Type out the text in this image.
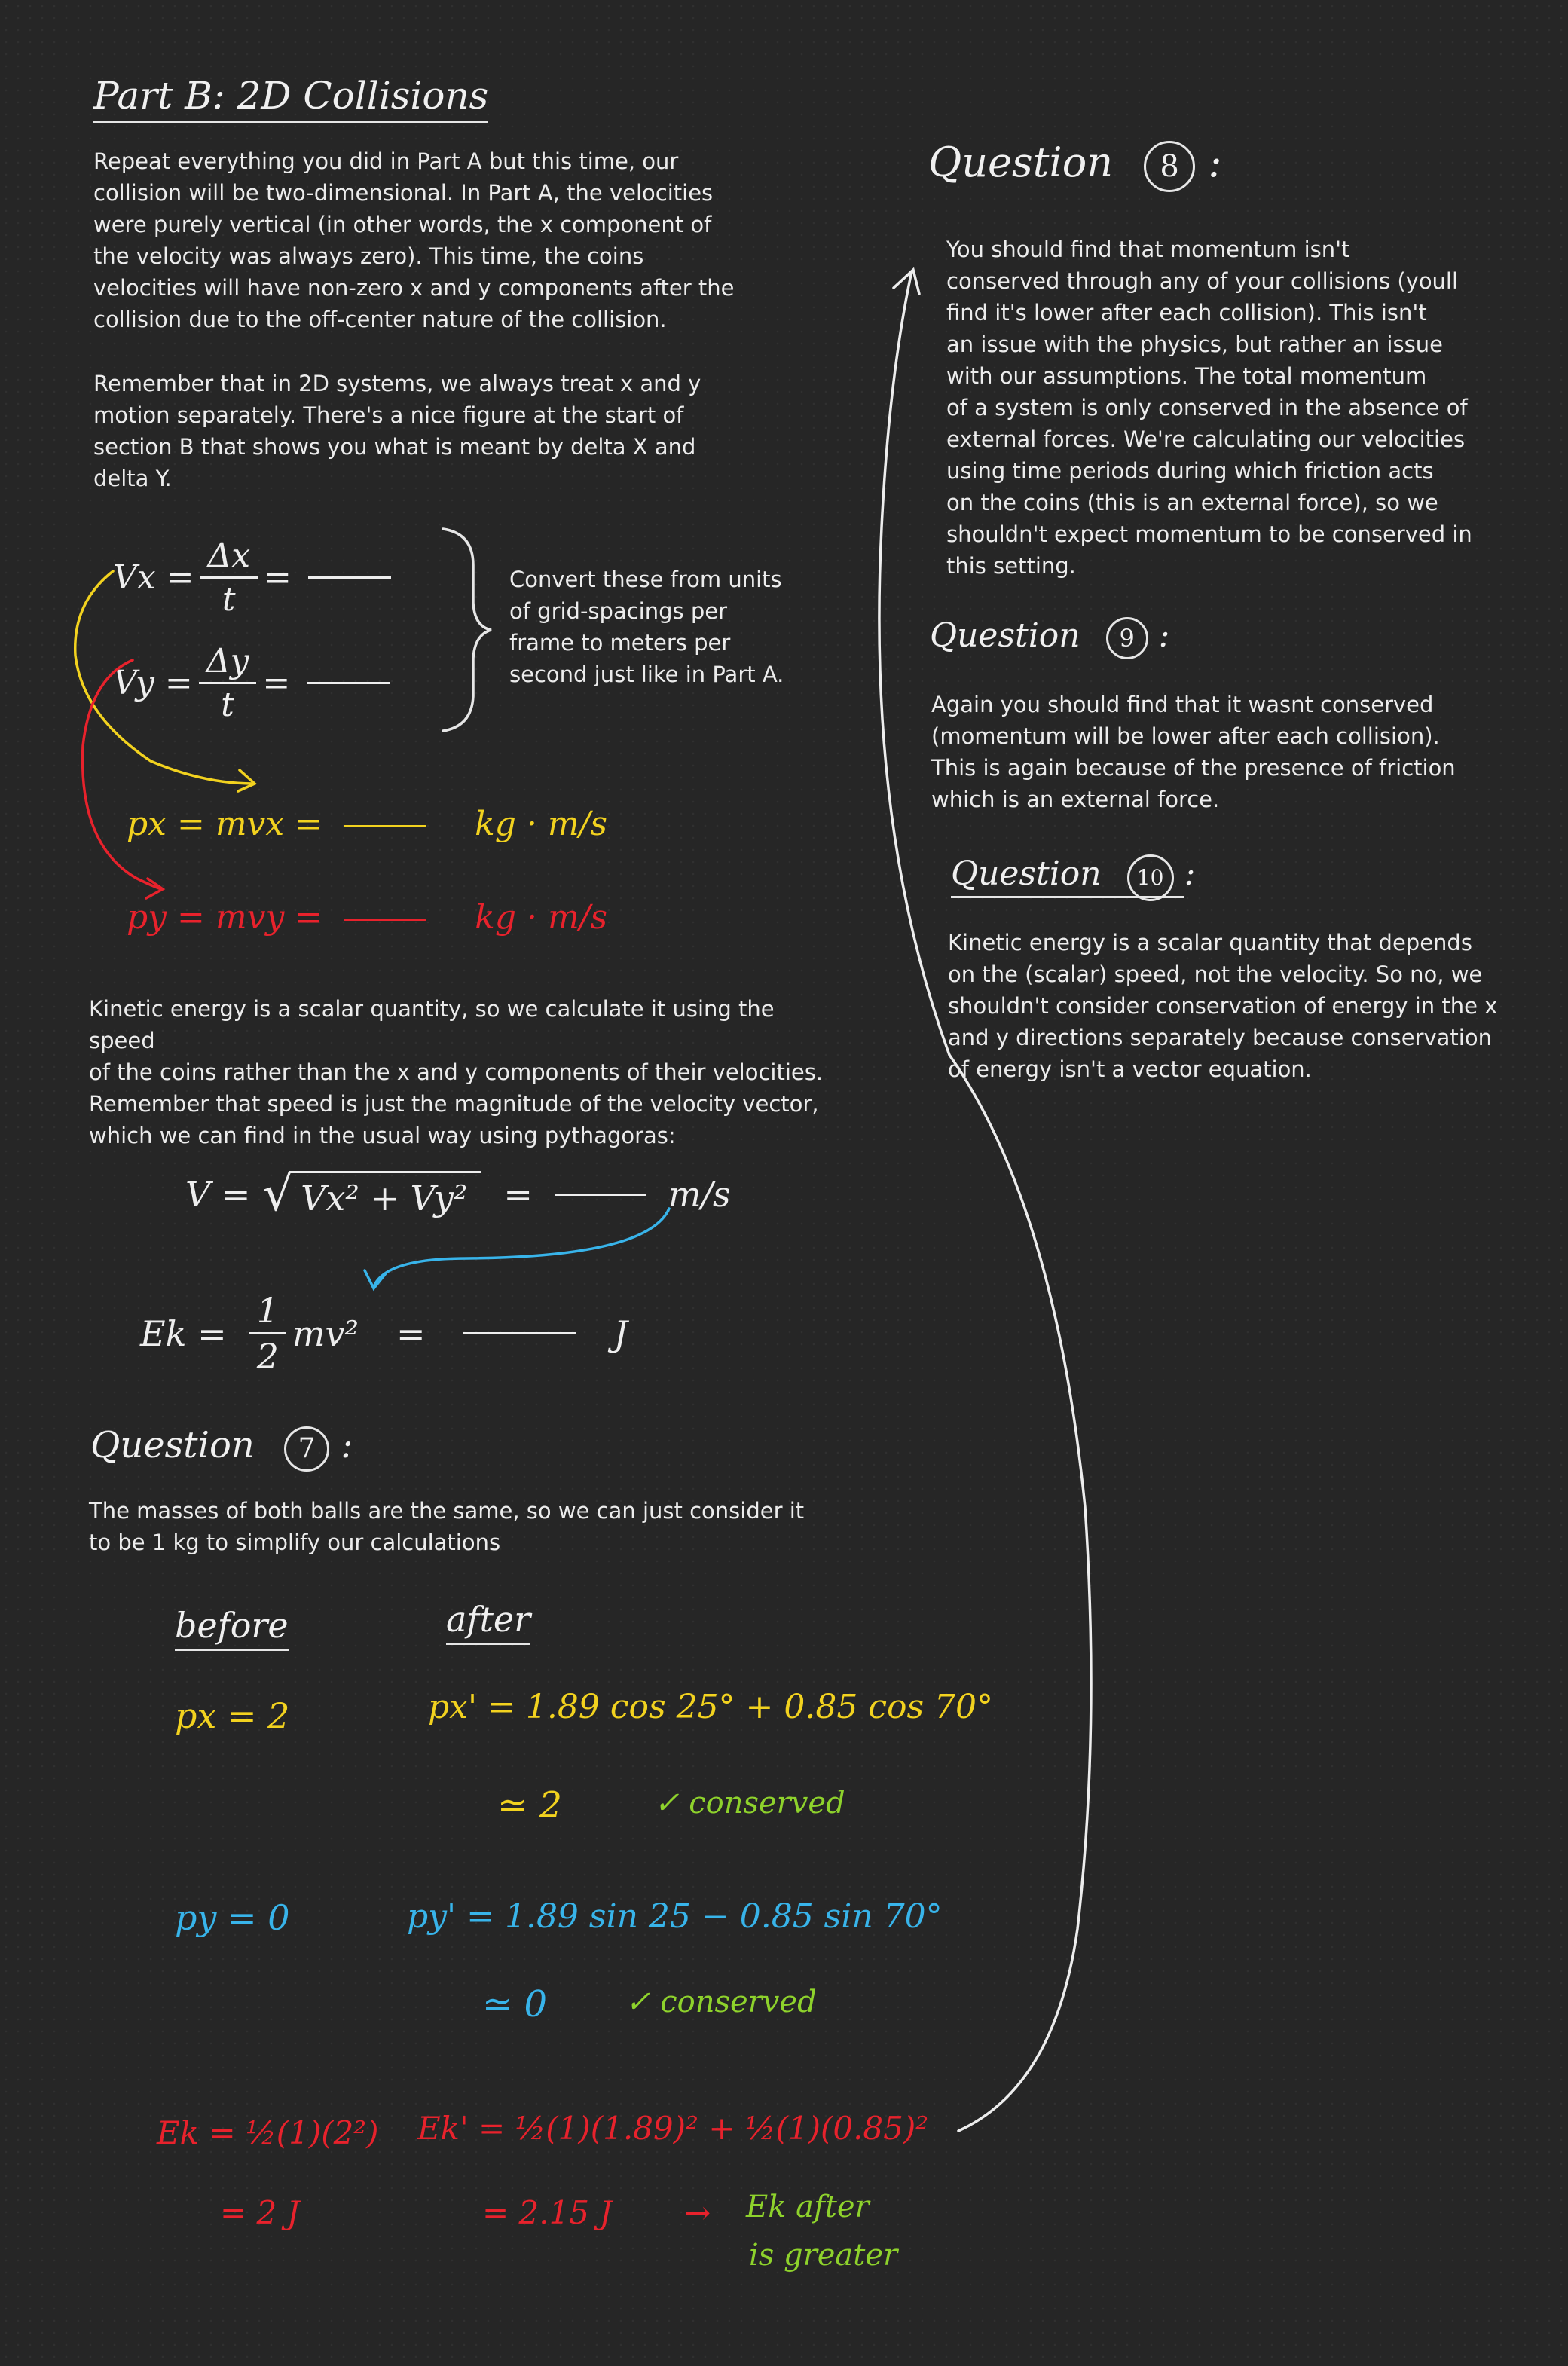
Part B: 2D Collisions
Repeat everything you did in Part A but this time, our
collision will be two-dimensional. In Part A, the velocities
were purely vertical (in other words, the x component of
the velocity was always zero). This time, the coins
velocities will have non-zero x and y components after the
collision due to the off-center nature of the collision.
Remember that in 2D systems, we always treat x and y
motion separately. There's a nice figure at the start of
section B that shows you what is meant by delta X and
delta Y.
$Vx = \frac{\Delta x}{t}$ =
$Vy = \frac{\Delta y}{t}$ =
Convert these from units
of grid-spacings per
frame to meters per
second just like in Part A.
px = mvx =	kg · m/s
py = mvy =	kg · m/s
Kinetic energy is a scalar quantity, so we calculate it using the speed
of the coins rather than the x and y components of their velocities.
Remember that speed is just the magnitude of the velocity vector,
which we can find in the usual way using pythagoras:
V = √ Vx² + Vy²	=	m/s
$Ek = \frac{1}{2} mv^2$ =	J
Question 7 :
The masses of both balls are the same, so we can just consider it
to be 1 kg to simplify our calculations
before	after
px = 2	px' = 1.89 cos 25° + 0.85 cos 70°
≃ 2	✓ conserved
py = 0	py' = 1.89 sin 25 − 0.85 sin 70°
≃ 0	✓ conserved
Ek = ½(1)(2²)
= 2 J
Ek' = ½(1)(1.89)² + ½(1)(0.85)²
= 2.15 J → Ek after
is greater
Question 8 :
You should find that momentum isn't
conserved through any of your collisions (youll
find it's lower after each collision). This isn't
an issue with the physics, but rather an issue
with our assumptions. The total momentum
of a system is only conserved in the absence of
external forces. We're calculating our velocities
using time periods during which friction acts
on the coins (this is an external force), so we
shouldn't expect momentum to be conserved in
this setting.
Question 9 :
Again you should find that it wasnt conserved
(momentum will be lower after each collision).
This is again because of the presence of friction
which is an external force.
Question 10 :
Kinetic energy is a scalar quantity that depends
on the (scalar) speed, not the velocity. So no, we
shouldn't consider conservation of energy in the x
and y directions separately because conservation
of energy isn't a vector equation.
